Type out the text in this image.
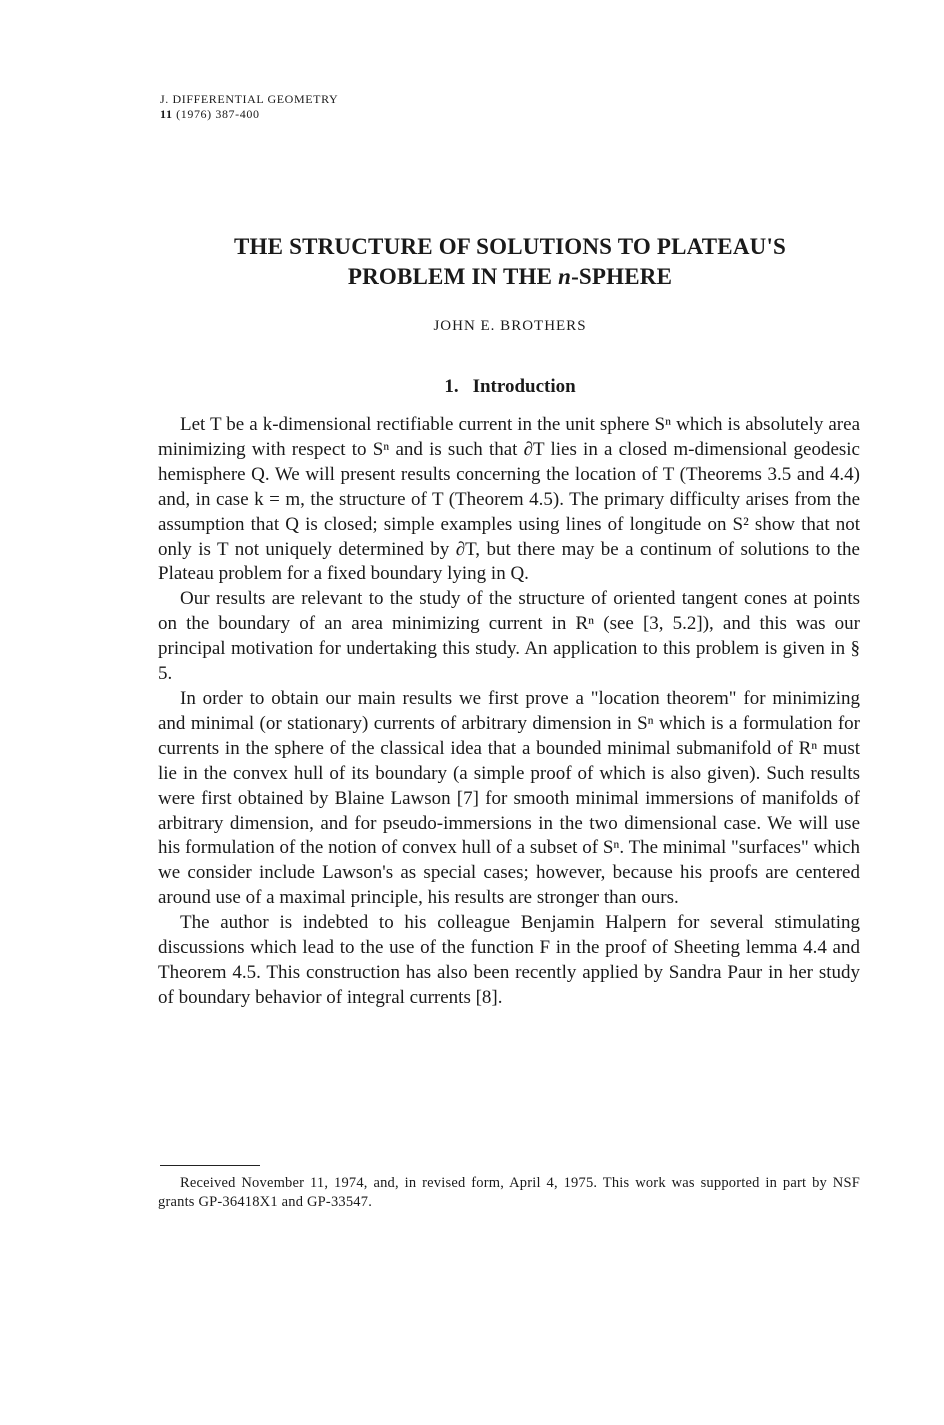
J. DIFFERENTIAL GEOMETRY
11 (1976) 387-400
THE STRUCTURE OF SOLUTIONS TO PLATEAU'S
PROBLEM IN THE n-SPHERE
JOHN E. BROTHERS
1. Introduction

Let T be a k-dimensional rectifiable current in the unit sphere Sⁿ which is absolutely area minimizing with respect to Sⁿ and is such that ∂T lies in a closed m-dimensional geodesic hemisphere Q. We will present results concerning the location of T (Theorems 3.5 and 4.4) and, in case k = m, the structure of T (Theorem 4.5). The primary difficulty arises from the assumption that Q is closed; simple examples using lines of longitude on S² show that not only is T not uniquely determined by ∂T, but there may be a continum of solutions to the Plateau problem for a fixed boundary lying in Q.

Our results are relevant to the study of the structure of oriented tangent cones at points on the boundary of an area minimizing current in Rⁿ (see [3, 5.2]), and this was our principal motivation for undertaking this study. An application to this problem is given in § 5.

In order to obtain our main results we first prove a "location theorem" for minimizing and minimal (or stationary) currents of arbitrary dimension in Sⁿ which is a formulation for currents in the sphere of the classical idea that a bounded minimal submanifold of Rⁿ must lie in the convex hull of its boundary (a simple proof of which is also given). Such results were first obtained by Blaine Lawson [7] for smooth minimal immersions of manifolds of arbitrary dimension, and for pseudo-immersions in the two dimensional case. We will use his formulation of the notion of convex hull of a subset of Sⁿ. The minimal "surfaces" which we consider include Lawson's as special cases; however, because his proofs are centered around use of a maximal principle, his results are stronger than ours.

The author is indebted to his colleague Benjamin Halpern for several stimulating discussions which lead to the use of the function F in the proof of Sheeting lemma 4.4 and Theorem 4.5. This construction has also been recently applied by Sandra Paur in her study of boundary behavior of integral currents [8].

Received November 11, 1974, and, in revised form, April 4, 1975. This work was supported in part by NSF grants GP-36418X1 and GP-33547.
